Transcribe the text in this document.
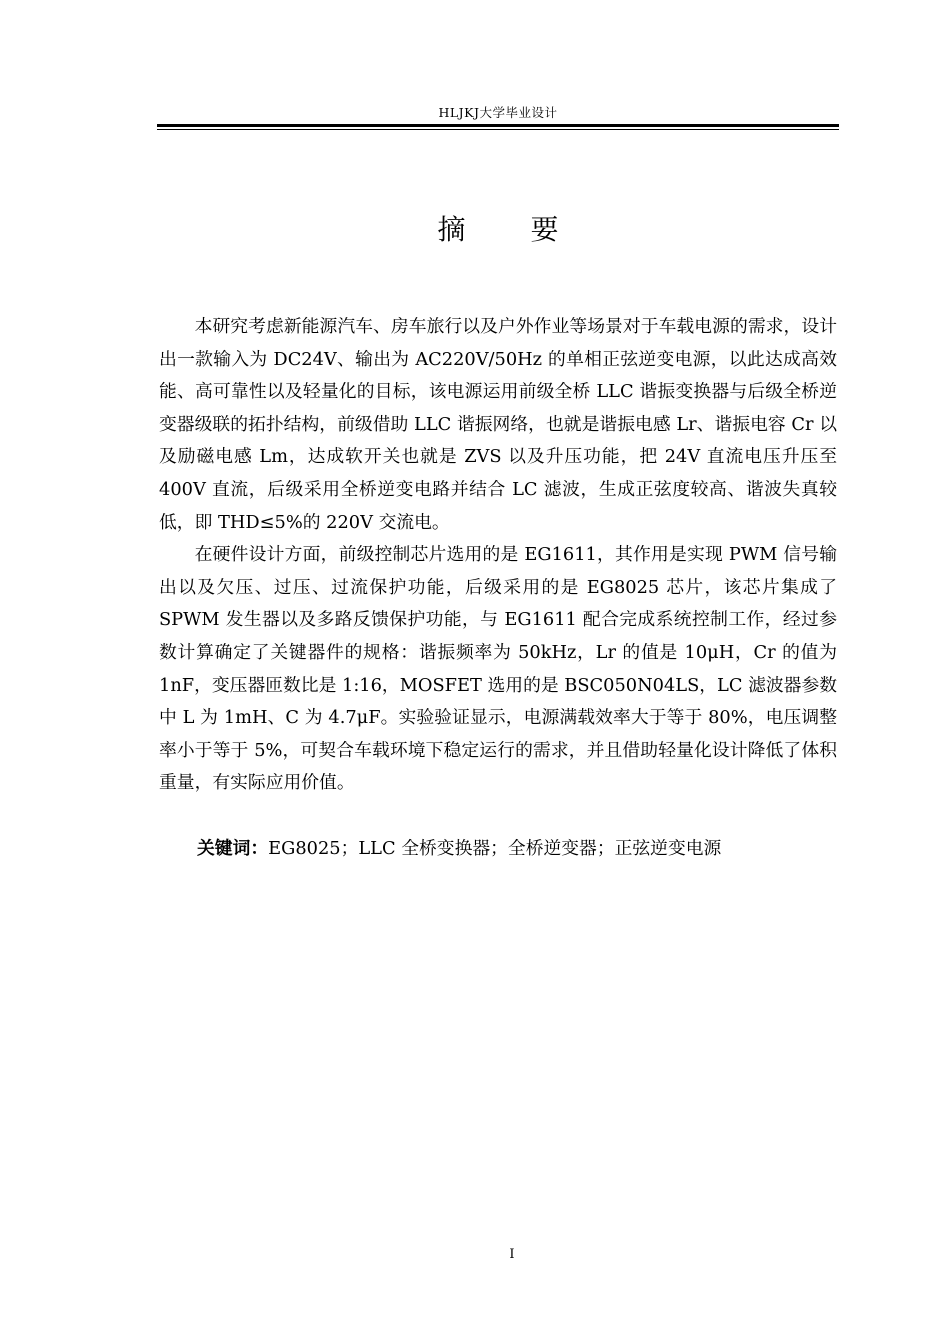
HLJKJ大学毕业设计
摘 要

本研究考虑新能源汽车、房车旅行以及户外作业等场景对于车载电源的需求，设计出一款输入为 DC24V、输出为 AC220V/50Hz 的单相正弦逆变电源，以此达成高效能、高可靠性以及轻量化的目标，该电源运用前级全桥 LLC 谐振变换器与后级全桥逆变器级联的拓扑结构，前级借助 LLC 谐振网络，也就是谐振电感 Lr、谐振电容 Cr 以及励磁电感 Lm，达成软开关也就是 ZVS 以及升压功能，把 24V 直流电压升压至 400V 直流，后级采用全桥逆变电路并结合 LC 滤波，生成正弦度较高、谐波失真较低，即 THD≤5%的 220V 交流电。

在硬件设计方面，前级控制芯片选用的是 EG1611，其作用是实现 PWM 信号输出以及欠压、过压、过流保护功能，后级采用的是 EG8025 芯片，该芯片集成了 SPWM 发生器以及多路反馈保护功能，与 EG1611 配合完成系统控制工作，经过参数计算确定了关键器件的规格：谐振频率为 50kHz，Lr 的值是 10μH，Cr 的值为 1nF，变压器匝数比是 1:16，MOSFET 选用的是 BSC050N04LS，LC 滤波器参数中 L 为 1mH、C 为 4.7μF。实验验证显示，电源满载效率大于等于 80%，电压调整率小于等于 5%，可契合车载环境下稳定运行的需求，并且借助轻量化设计降低了体积重量，有实际应用价值。

关键词：EG8025；LLC 全桥变换器；全桥逆变器；正弦逆变电源
I
